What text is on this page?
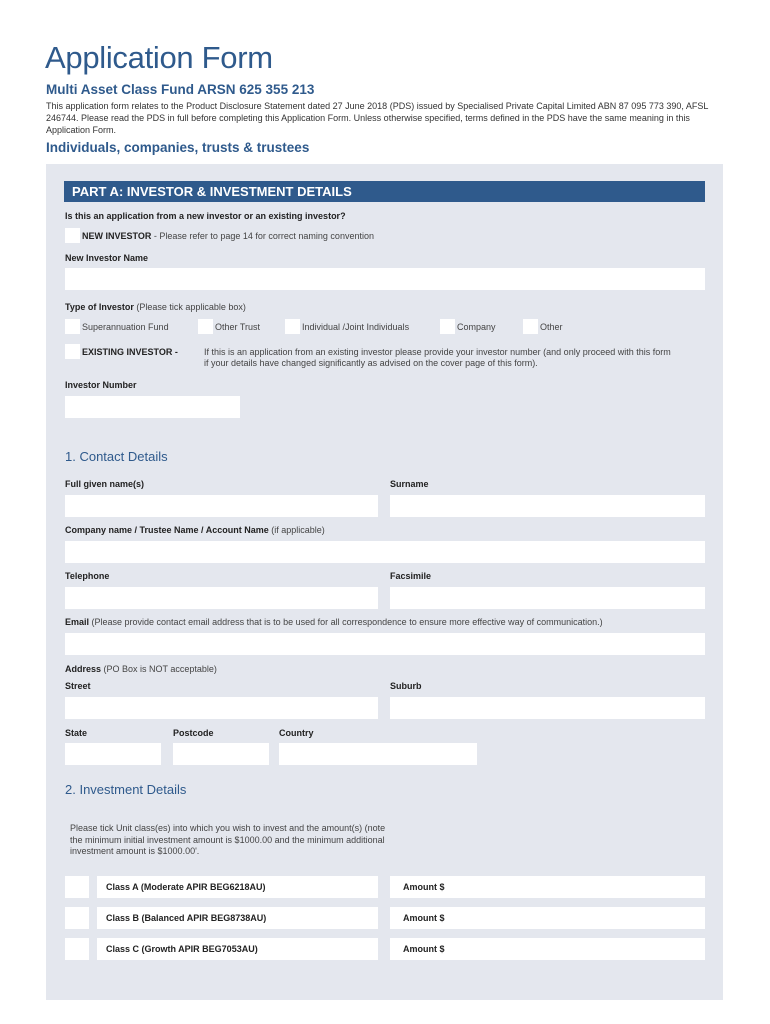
Application Form
Multi Asset Class Fund ARSN 625 355 213
This application form relates to the Product Disclosure Statement dated 27 June 2018 (PDS) issued by Specialised Private Capital Limited ABN 87 095 773 390, AFSL 246744. Please read the PDS in full before completing this Application Form. Unless otherwise specified, terms defined in the PDS have the same meaning in this Application Form.
Individuals, companies, trusts & trustees
PART A: INVESTOR & INVESTMENT DETAILS
Is this an application from a new investor or an existing investor?
NEW INVESTOR - Please refer to page 14 for correct naming convention
New Investor Name
Type of Investor (Please tick applicable box)
Superannuation Fund	Other Trust	Individual /Joint Individuals	Company	Other
EXISTING INVESTOR -	If this is an application from an existing investor please provide your investor number (and only proceed with this form if your details have changed significantly as advised on the cover page of this form).
Investor Number
1. Contact Details
Full given name(s)	Surname
Company name / Trustee Name / Account Name (if applicable)
Telephone	Facsimile
Email (Please provide contact email address that is to be used for all correspondence to ensure more effective way of communication.)
Address (PO Box is NOT acceptable)
Street	Suburb
State	Postcode	Country
2. Investment Details
Please tick Unit class(es) into which you wish to invest and the amount(s) (note the minimum initial investment amount is $1000.00 and the minimum additional investment amount is $1000.00'.
Class A (Moderate APIR BEG6218AU)	Amount $
Class B (Balanced APIR BEG8738AU)	Amount $
Class C (Growth APIR BEG7053AU)	Amount $
